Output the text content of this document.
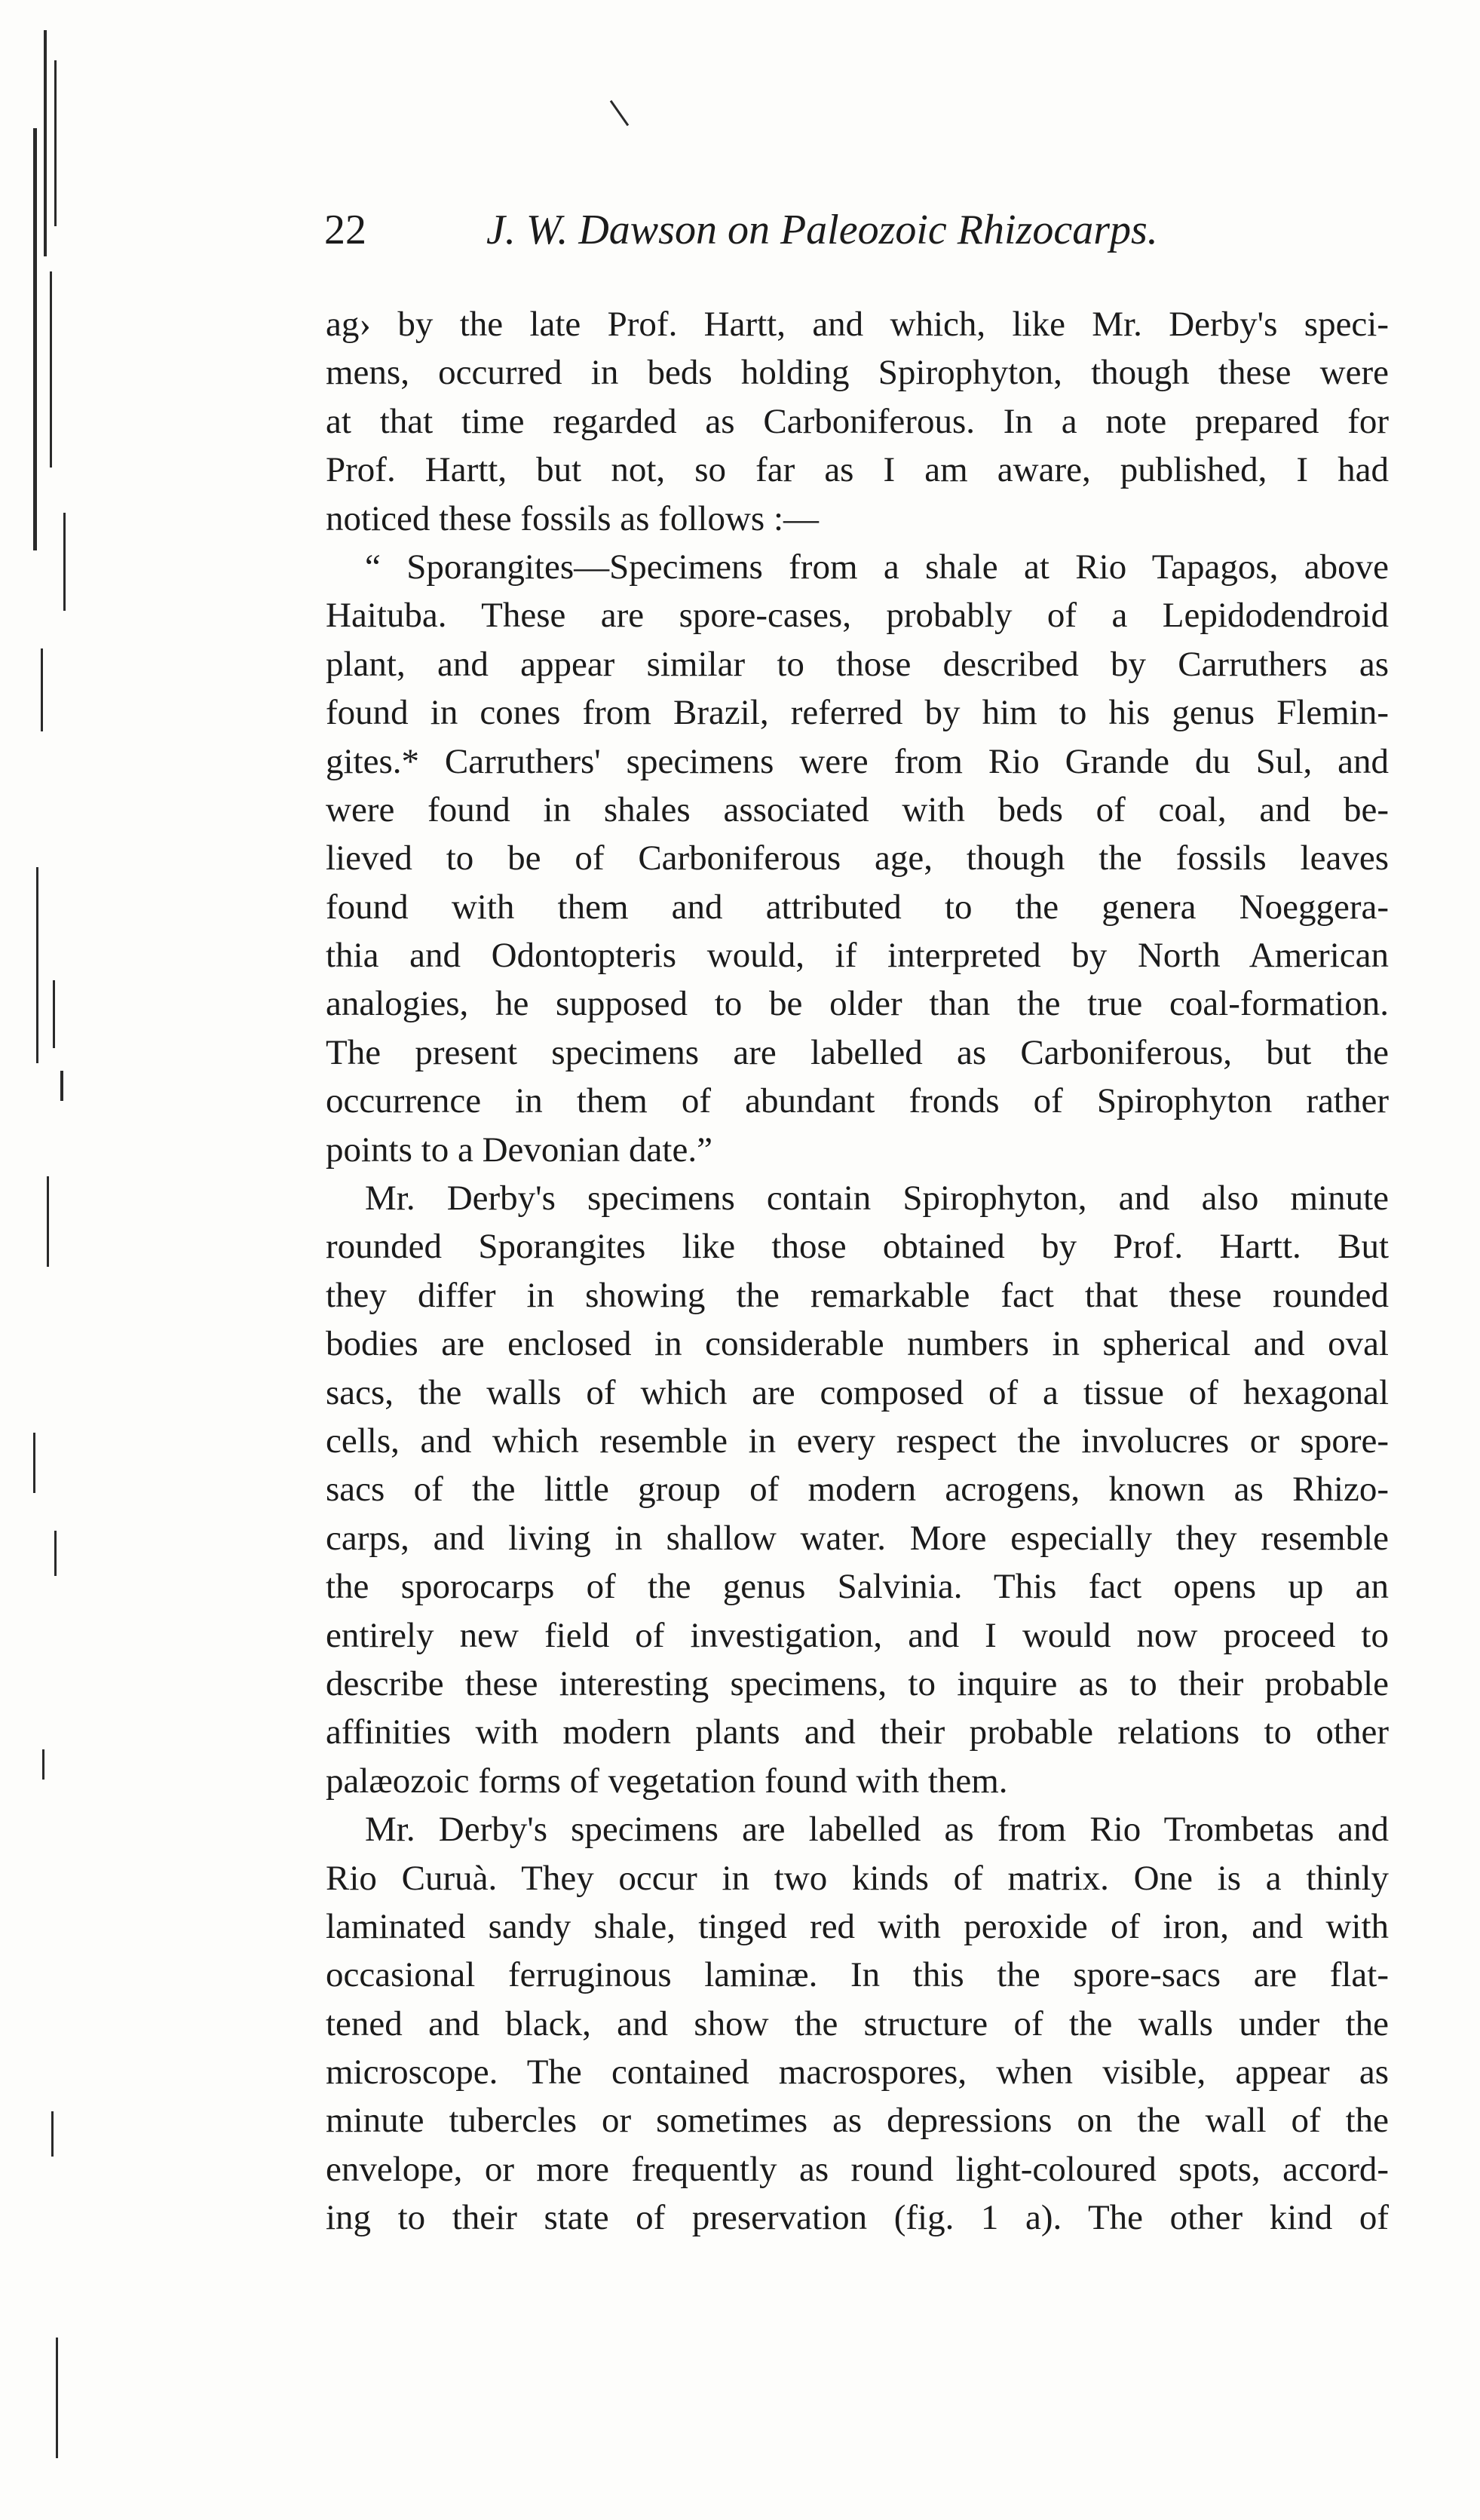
22	J. W. Dawson on Paleozoic Rhizocarps.
ag› by the late Prof. Hartt, and which, like Mr. Derby's speci-
mens, occurred in beds holding Spirophyton, though these were
at that time regarded as Carboniferous. In a note prepared for
Prof. Hartt, but not, so far as I am aware, published, I had
noticed these fossils as follows :—
“ Sporangites—Specimens from a shale at Rio Tapagos, above
Haituba. These are spore-cases, probably of a Lepidodendroid
plant, and appear similar to those described by Carruthers as
found in cones from Brazil, referred by him to his genus Flemin-
gites.* Carruthers' specimens were from Rio Grande du Sul, and
were found in shales associated with beds of coal, and be-
lieved to be of Carboniferous age, though the fossils leaves
found with them and attributed to the genera Noeggera-
thia and Odontopteris would, if interpreted by North American
analogies, he supposed to be older than the true coal-formation.
The present specimens are labelled as Carboniferous, but the
occurrence in them of abundant fronds of Spirophyton rather
points to a Devonian date.”
Mr. Derby's specimens contain Spirophyton, and also minute
rounded Sporangites like those obtained by Prof. Hartt. But
they differ in showing the remarkable fact that these rounded
bodies are enclosed in considerable numbers in spherical and oval
sacs, the walls of which are composed of a tissue of hexagonal
cells, and which resemble in every respect the involucres or spore-
sacs of the little group of modern acrogens, known as Rhizo-
carps, and living in shallow water. More especially they resemble
the sporocarps of the genus Salvinia. This fact opens up an
entirely new field of investigation, and I would now proceed to
describe these interesting specimens, to inquire as to their probable
affinities with modern plants and their probable relations to other
palæozoic forms of vegetation found with them.
Mr. Derby's specimens are labelled as from Rio Trombetas and
Rio Curuà. They occur in two kinds of matrix. One is a thinly
laminated sandy shale, tinged red with peroxide of iron, and with
occasional ferruginous laminæ. In this the spore-sacs are flat-
tened and black, and show the structure of the walls under the
microscope. The contained macrospores, when visible, appear as
minute tubercles or sometimes as depressions on the wall of the
envelope, or more frequently as round light-coloured spots, accord-
ing to their state of preservation (fig. 1 a). The other kind of
